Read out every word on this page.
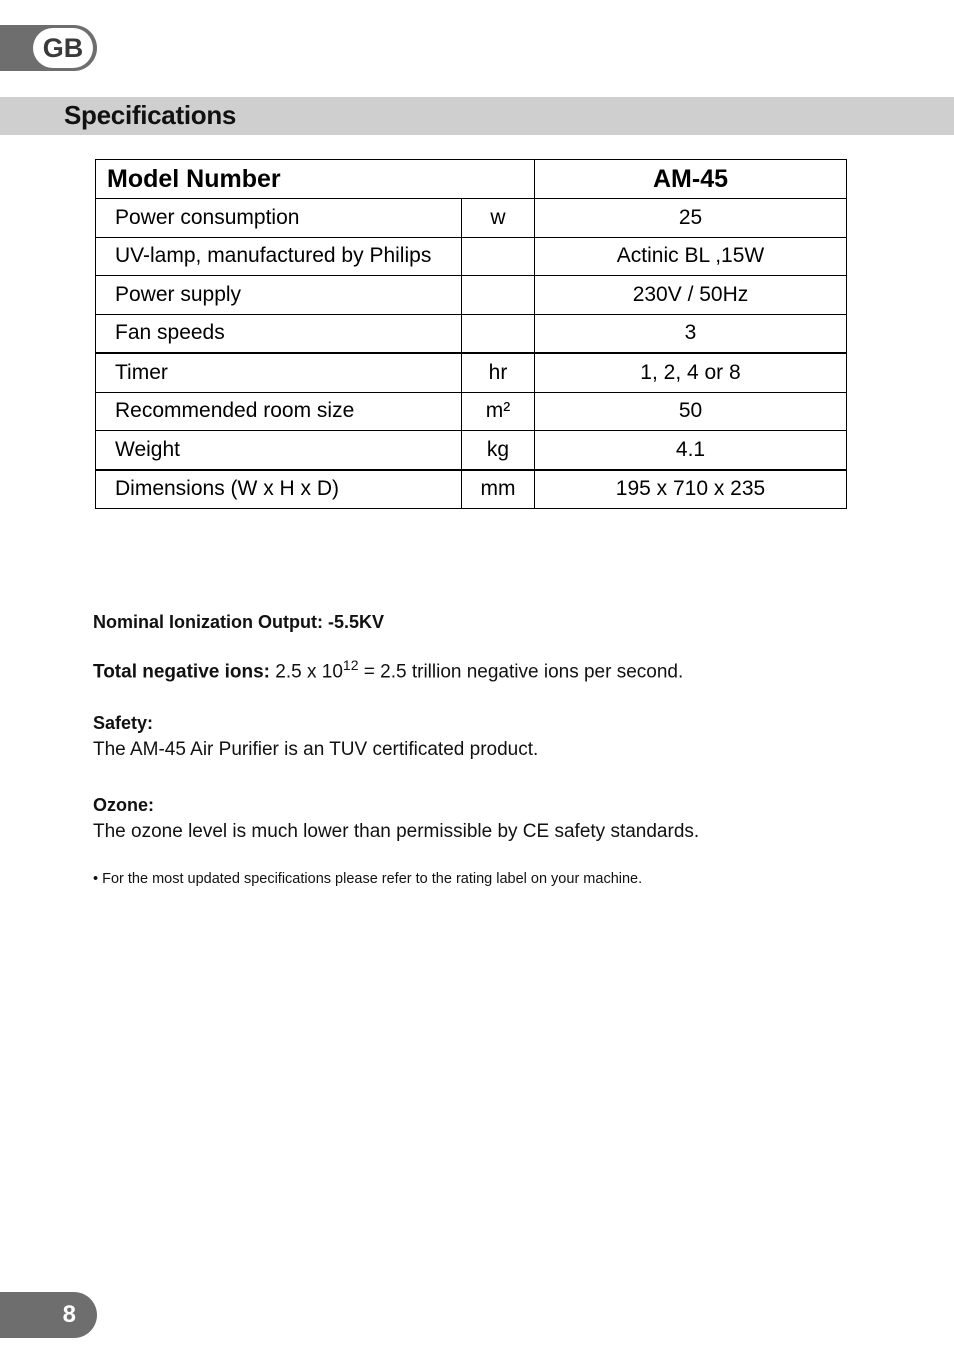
GB
Specifications
Model Number		AM-45
Power consumption	w	25
UV-lamp, manufactured by Philips		Actinic BL ,15W
Power supply		230V / 50Hz
Fan speeds		3
Timer	hr	1, 2, 4 or 8
Recommended room size	m²	50
Weight	kg	4.1
Dimensions (W x H x D)	mm	195 x 710 x 235
Nominal Ionization Output: -5.5KV
Total negative ions: 2.5 x $10^{12} = 2.5$ trillion negative ions per second.
Safety:
The AM-45 Air Purifier is an TUV certificated product.
Ozone:
The ozone level is much lower than permissible by CE safety standards.
• For the most updated specifications please refer to the rating label on your machine.
8
